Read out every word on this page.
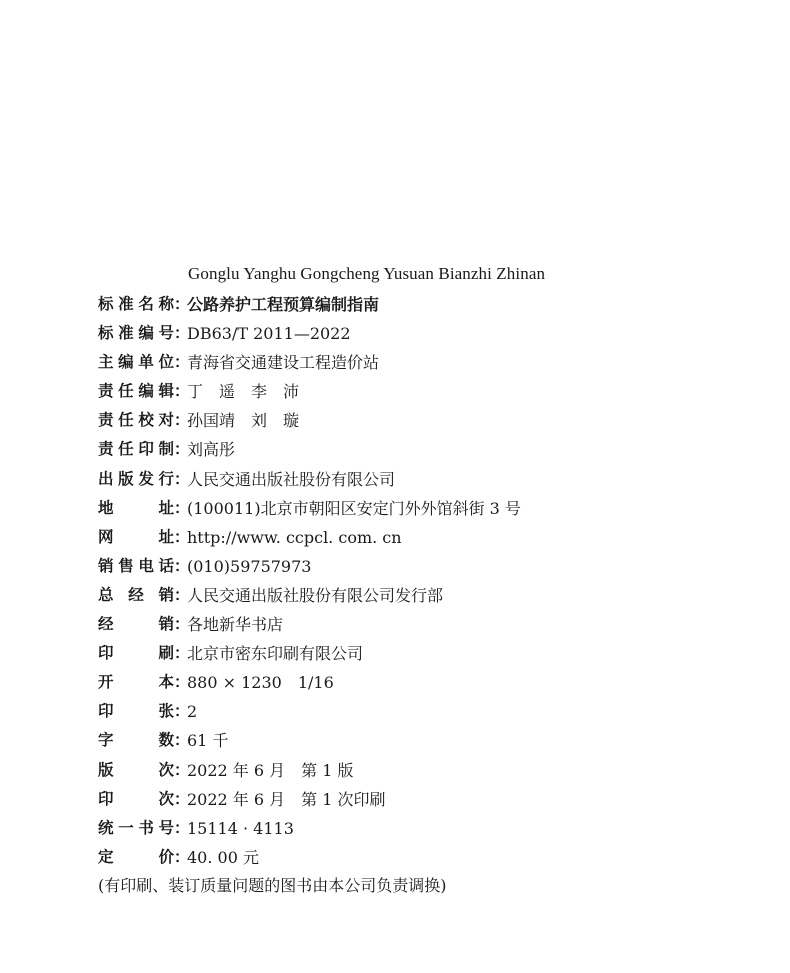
Gonglu Yanghu Gongcheng Yusuan Bianzhi Zhinan
标准名称 ：
公路养护工程预算编制指南
标准编号 ：
DB63/T 2011—2022
主编单位 ：
青海省交通建设工程造价站
责任编辑 ：
丁　遥　李　沛
责任校对 ：
孙国靖　刘　璇
责任印制 ：
刘高彤
出版发行 ：
人民交通出版社股份有限公司
地　　址 ：
(100011)北京市朝阳区安定门外外馆斜街 3 号
网　　址 ：
http://www. ccpcl. com. cn
销售电话 ：
(010)59757973
总 经 销 ：
人民交通出版社股份有限公司发行部
经　　销 ：
各地新华书店
印　　刷 ：
北京市密东印刷有限公司
开　　本 ：
880 × 1230　1/16
印　　张 ：
2
字　　数 ：
61 千
版　　次 ：
2022 年 6 月　第 1 版
印　　次 ：
2022 年 6 月　第 1 次印刷
统一书号 ：
15114 · 4113
定　　价 ：
40. 00 元
(有印刷、装订质量问题的图书由本公司负责调换)
